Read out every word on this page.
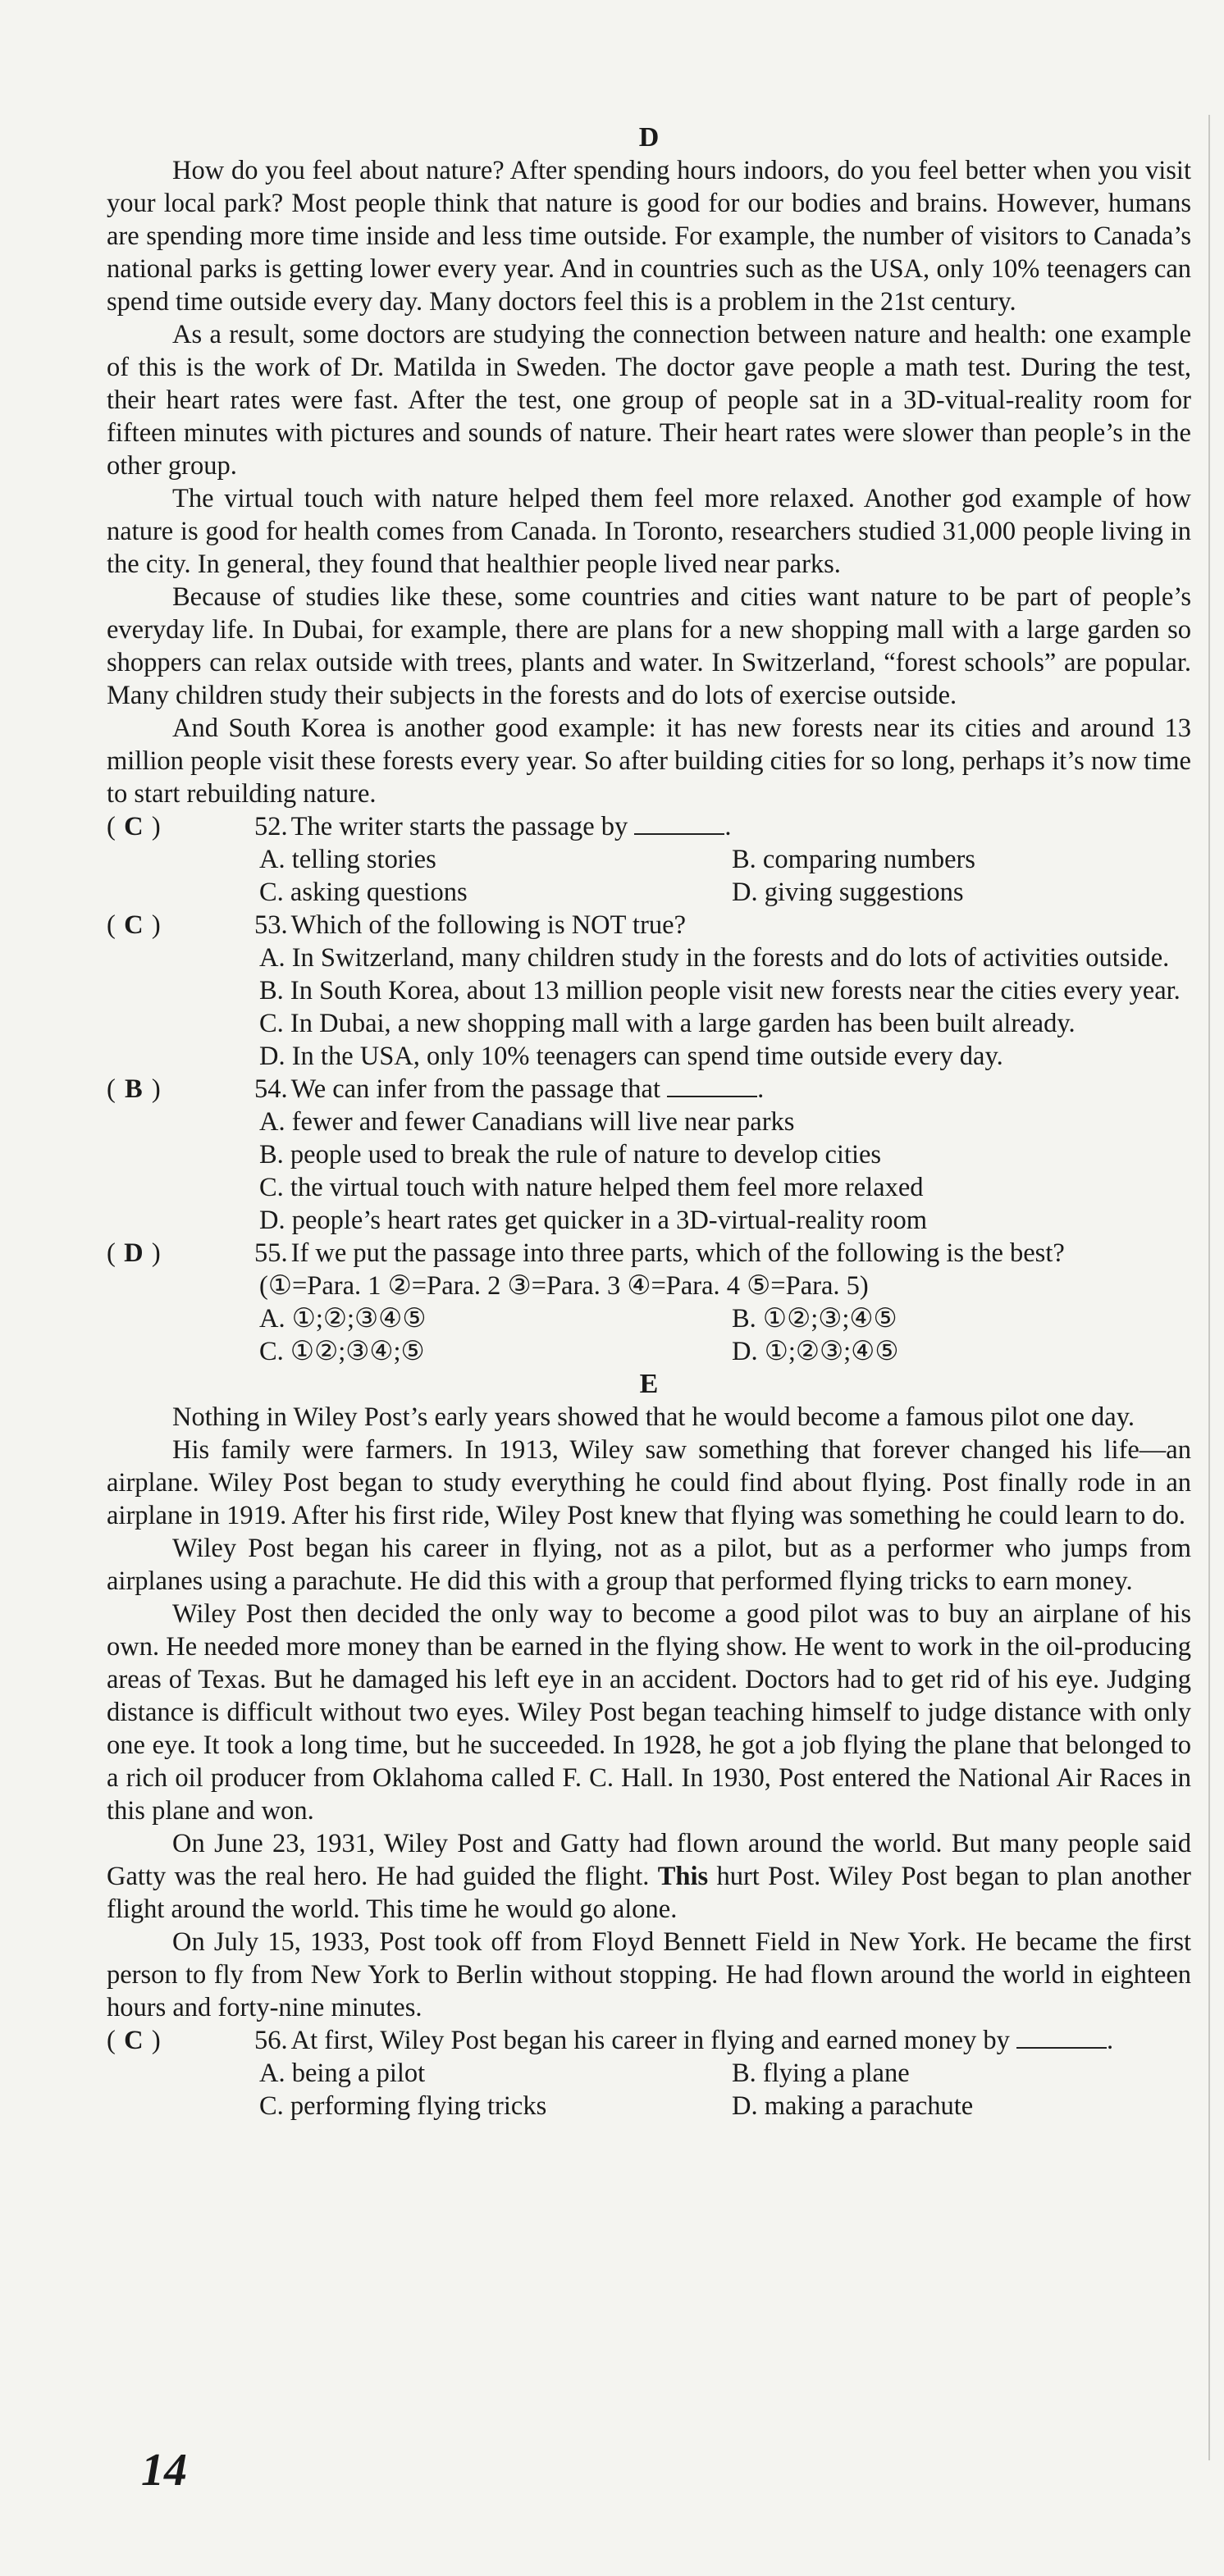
D

How do you feel about nature? After spending hours indoors, do you feel better when you visit your local park? Most people think that nature is good for our bodies and brains. However, humans are spending more time inside and less time outside. For example, the number of visitors to Canada’s national parks is getting lower every year. And in countries such as the USA, only 10% teenagers can spend time outside every day. Many doctors feel this is a problem in the 21st century.

As a result, some doctors are studying the connection between nature and health: one example of this is the work of Dr. Matilda in Sweden. The doctor gave people a math test. During the test, their heart rates were fast. After the test, one group of people sat in a 3D-vitual-reality room for fifteen minutes with pictures and sounds of nature. Their heart rates were slower than people’s in the other group.

The virtual touch with nature helped them feel more relaxed. Another god example of how nature is good for health comes from Canada. In Toronto, researchers studied 31,000 people living in the city. In general, they found that healthier people lived near parks.

Because of studies like these, some countries and cities want nature to be part of people’s everyday life. In Dubai, for example, there are plans for a new shopping mall with a large garden so shoppers can relax outside with trees, plants and water. In Switzerland, “forest schools” are popular. Many children study their subjects in the forests and do lots of exercise outside.

And South Korea is another good example: it has new forests near its cities and around 13 million people visit these forests every year. So after building cities for so long, perhaps it’s now time to start rebuilding nature.

( C )	52. The writer starts the passage by	.
A. telling stories	B. comparing numbers
C. asking questions	D. giving suggestions
( C )	53. Which of the following is NOT true?
A. In Switzerland, many children study in the forests and do lots of activities outside.
B. In South Korea, about 13 million people visit new forests near the cities every year.
C. In Dubai, a new shopping mall with a large garden has been built already.
D. In the USA, only 10% teenagers can spend time outside every day.
( B )	54. We can infer from the passage that	.
A. fewer and fewer Canadians will live near parks
B. people used to break the rule of nature to develop cities
C. the virtual touch with nature helped them feel more relaxed
D. people’s heart rates get quicker in a 3D-virtual-reality room
( D )	55. If we put the passage into three parts, which of the following is the best?
(①=Para. 1 ②=Para. 2 ③=Para. 3 ④=Para. 4 ⑤=Para. 5)
A. ①;②;③④⑤	B. ①②;③;④⑤
C. ①②;③④;⑤	D. ①;②③;④⑤
E

Nothing in Wiley Post’s early years showed that he would become a famous pilot one day.

His family were farmers. In 1913, Wiley saw something that forever changed his life—an airplane. Wiley Post began to study everything he could find about flying. Post finally rode in an airplane in 1919. After his first ride, Wiley Post knew that flying was something he could learn to do.

Wiley Post began his career in flying, not as a pilot, but as a performer who jumps from airplanes using a parachute. He did this with a group that performed flying tricks to earn money.

Wiley Post then decided the only way to become a good pilot was to buy an airplane of his own. He needed more money than be earned in the flying show. He went to work in the oil-producing areas of Texas. But he damaged his left eye in an accident. Doctors had to get rid of his eye. Judging distance is difficult without two eyes. Wiley Post began teaching himself to judge distance with only one eye. It took a long time, but he succeeded. In 1928, he got a job flying the plane that belonged to a rich oil producer from Oklahoma called F. C. Hall. In 1930, Post entered the National Air Races in this plane and won.

On June 23, 1931, Wiley Post and Gatty had flown around the world. But many people said Gatty was the real hero. He had guided the flight. This hurt Post. Wiley Post began to plan another flight around the world. This time he would go alone.

On July 15, 1933, Post took off from Floyd Bennett Field in New York. He became the first person to fly from New York to Berlin without stopping. He had flown around the world in eighteen hours and forty-nine minutes.

( C )	56. At first, Wiley Post began his career in flying and earned money by	.
A. being a pilot	B. flying a plane
C. performing flying tricks	D. making a parachute
14
